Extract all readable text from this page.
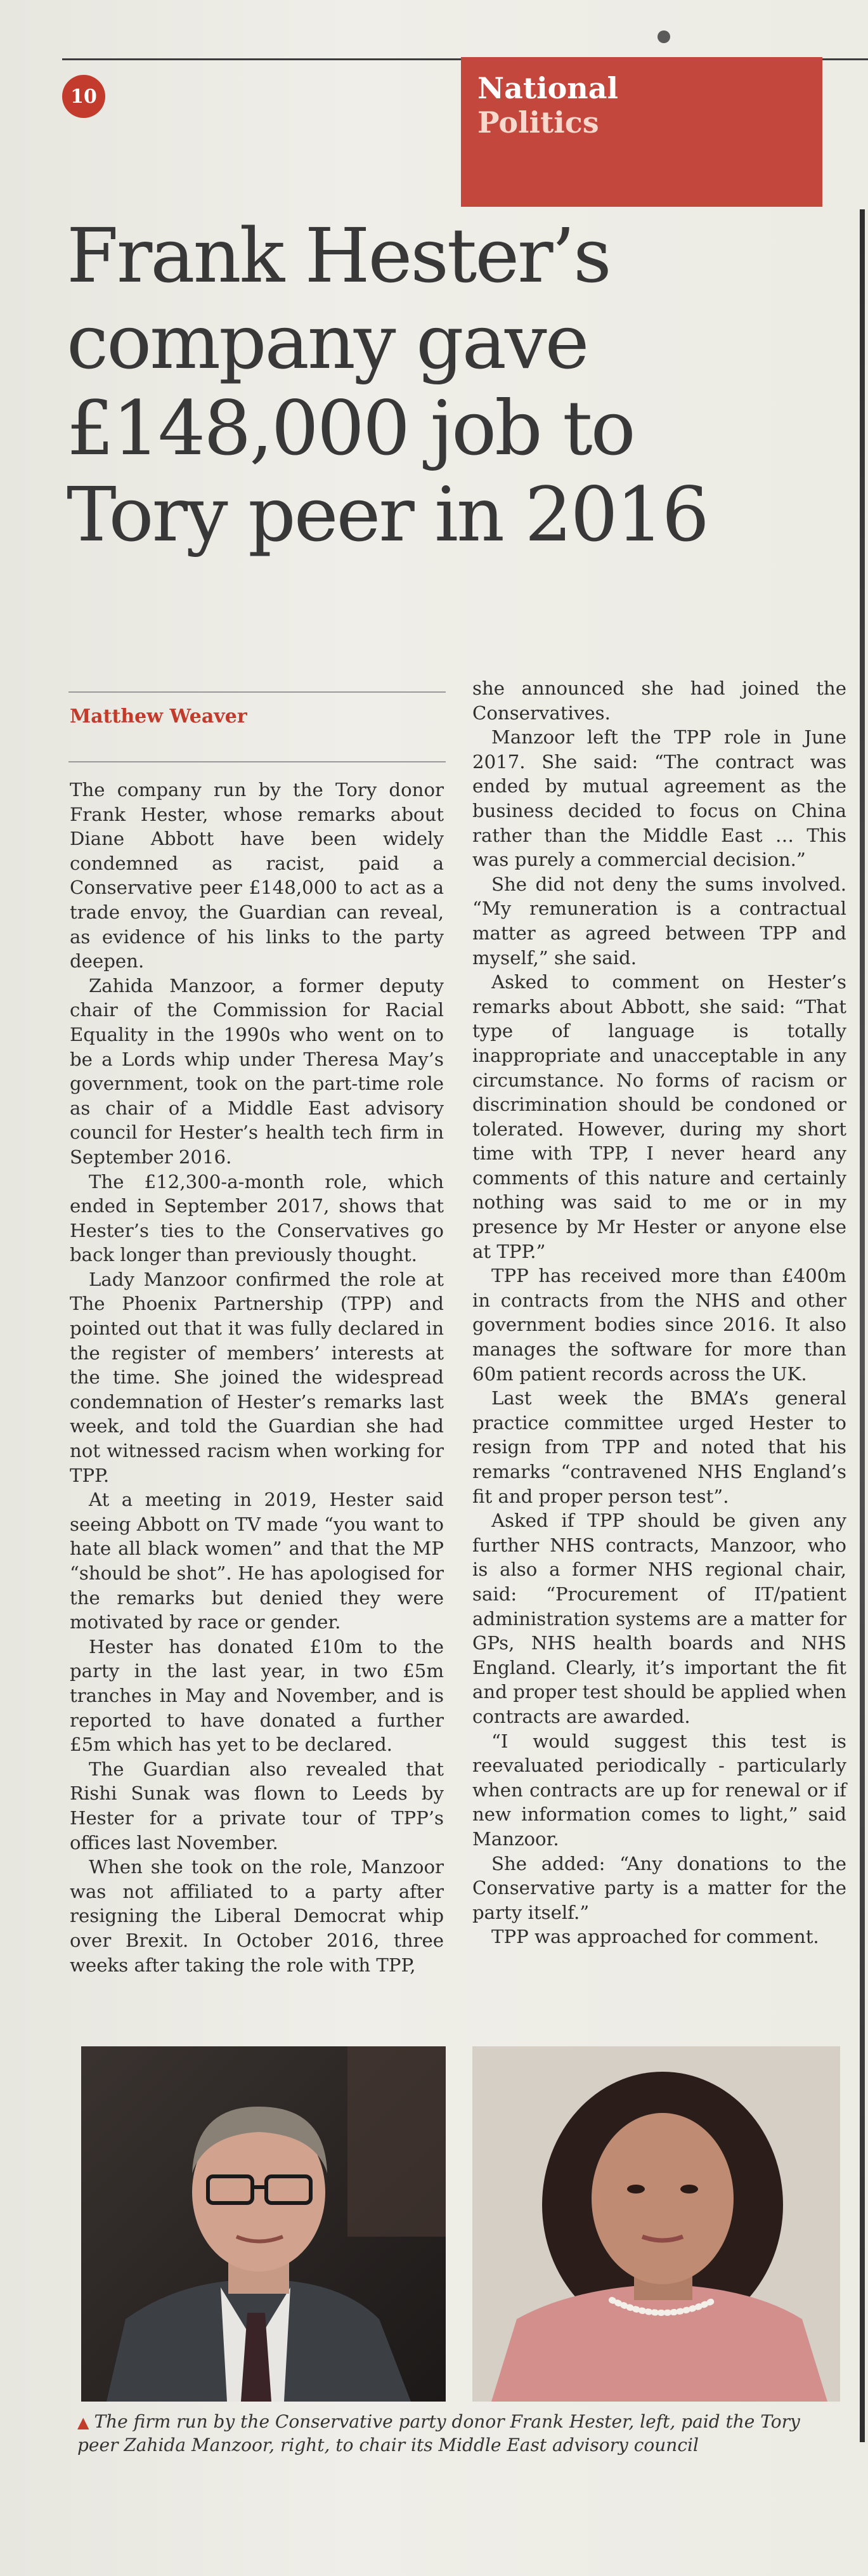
10	National
Politics
Frank Hester’s company gave £148,000 job to Tory peer in 2016
Matthew Weaver

The company run by the Tory donor Frank Hester, whose remarks about Diane Abbott have been widely condemned as racist, paid a Conservative peer £148,000 to act as a trade envoy, the Guardian can reveal, as evidence of his links to the party deepen.

Zahida Manzoor, a former deputy chair of the Commission for Racial Equality in the 1990s who went on to be a Lords whip under Theresa May’s government, took on the part-time role as chair of a Middle East advisory council for Hester’s health tech firm in September 2016.

The £12,300-a-month role, which ended in September 2017, shows that Hester’s ties to the Conservatives go back longer than previously thought.

Lady Manzoor confirmed the role at The Phoenix Partnership (TPP) and pointed out that it was fully declared in the register of members’ interests at the time. She joined the widespread condemnation of Hester’s remarks last week, and told the Guardian she had not witnessed racism when working for TPP.

At a meeting in 2019, Hester said seeing Abbott on TV made “you want to hate all black women” and that the MP “should be shot”. He has apologised for the remarks but denied they were motivated by race or gender.

Hester has donated £10m to the party in the last year, in two £5m tranches in May and November, and is reported to have donated a further £5m which has yet to be declared.

The Guardian also revealed that Rishi Sunak was flown to Leeds by Hester for a private tour of TPP’s offices last November.

When she took on the role, Manzoor was not affiliated to a party after resigning the Liberal Democrat whip over Brexit. In October 2016, three weeks after taking the role with TPP,

she announced she had joined the Conservatives.

Manzoor left the TPP role in June 2017. She said: “The contract was ended by mutual agreement as the business decided to focus on China rather than the Middle East … This was purely a commercial decision.”

She did not deny the sums involved. “My remuneration is a contractual matter as agreed between TPP and myself,” she said.

Asked to comment on Hester’s remarks about Abbott, she said: “That type of language is totally inappropriate and unacceptable in any circumstance. No forms of racism or discrimination should be condoned or tolerated. However, during my short time with TPP, I never heard any comments of this nature and certainly nothing was said to me or in my presence by Mr Hester or anyone else at TPP.”

TPP has received more than £400m in contracts from the NHS and other government bodies since 2016. It also manages the software for more than 60m patient records across the UK.

Last week the BMA’s general practice committee urged Hester to resign from TPP and noted that his remarks “contravened NHS England’s fit and proper person test”.

Asked if TPP should be given any further NHS contracts, Manzoor, who is also a former NHS regional chair, said: “Procurement of IT/patient administration systems are a matter for GPs, NHS health boards and NHS England. Clearly, it’s important the fit and proper test should be applied when contracts are awarded.

“I would suggest this test is reevaluated periodically - particularly when contracts are up for renewal or if new information comes to light,” said Manzoor.

She added: “Any donations to the Conservative party is a matter for the party itself.”

TPP was approached for comment.

▲ The firm run by the Conservative party donor Frank Hester, left, paid the Tory peer Zahida Manzoor, right, to chair its Middle East advisory council
